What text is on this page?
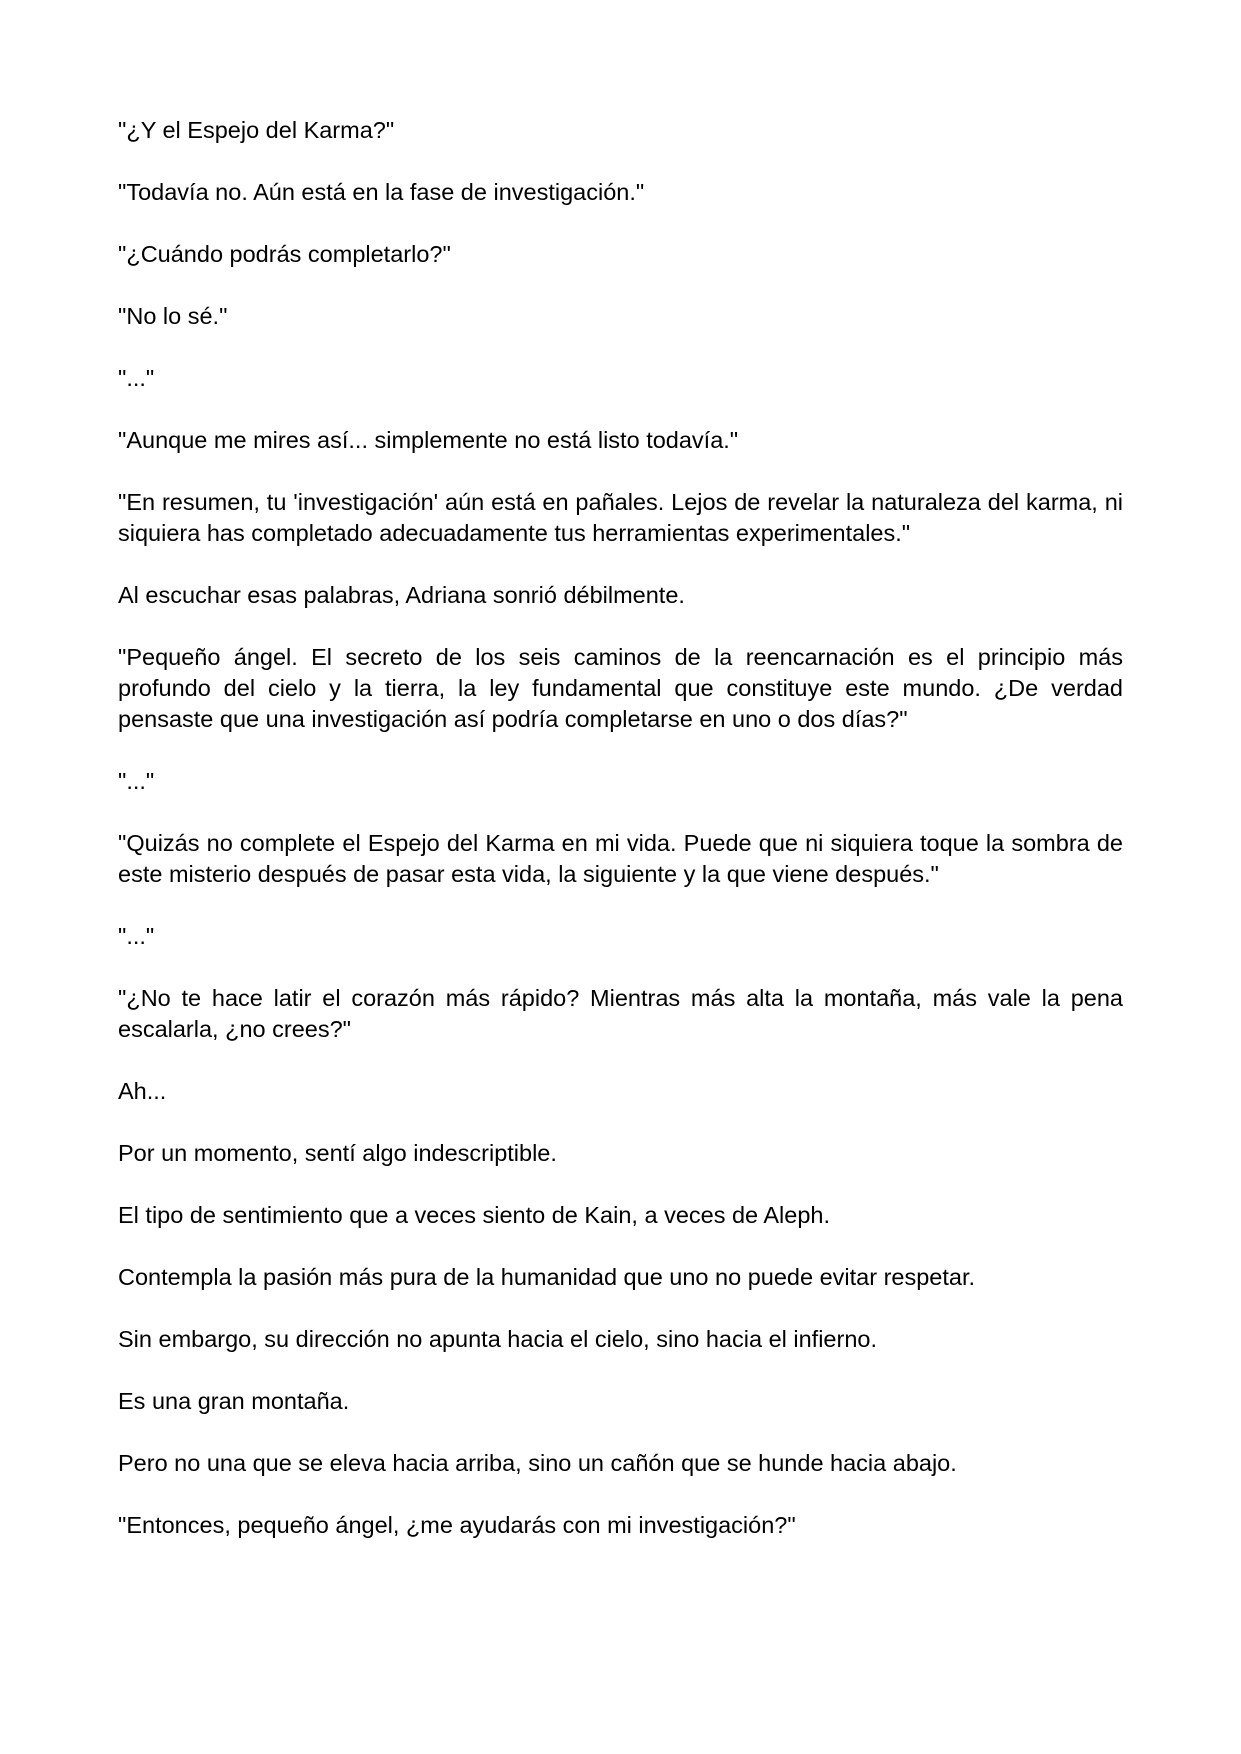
"¿Y el Espejo del Karma?"

"Todavía no. Aún está en la fase de investigación."

"¿Cuándo podrás completarlo?"

"No lo sé."

"..."

"Aunque me mires así... simplemente no está listo todavía."

"En resumen, tu 'investigación' aún está en pañales. Lejos de revelar la naturaleza del karma, ni siquiera has completado adecuadamente tus herramientas experimentales."

Al escuchar esas palabras, Adriana sonrió débilmente.

"Pequeño ángel. El secreto de los seis caminos de la reencarnación es el principio más profundo del cielo y la tierra, la ley fundamental que constituye este mundo. ¿De verdad pensaste que una investigación así podría completarse en uno o dos días?"

"..."

"Quizás no complete el Espejo del Karma en mi vida. Puede que ni siquiera toque la sombra de este misterio después de pasar esta vida, la siguiente y la que viene después."

"..."

"¿No te hace latir el corazón más rápido? Mientras más alta la montaña, más vale la pena escalarla, ¿no crees?"

Ah...

Por un momento, sentí algo indescriptible.

El tipo de sentimiento que a veces siento de Kain, a veces de Aleph.

Contempla la pasión más pura de la humanidad que uno no puede evitar respetar.

Sin embargo, su dirección no apunta hacia el cielo, sino hacia el infierno.

Es una gran montaña.

Pero no una que se eleva hacia arriba, sino un cañón que se hunde hacia abajo.

"Entonces, pequeño ángel, ¿me ayudarás con mi investigación?"
